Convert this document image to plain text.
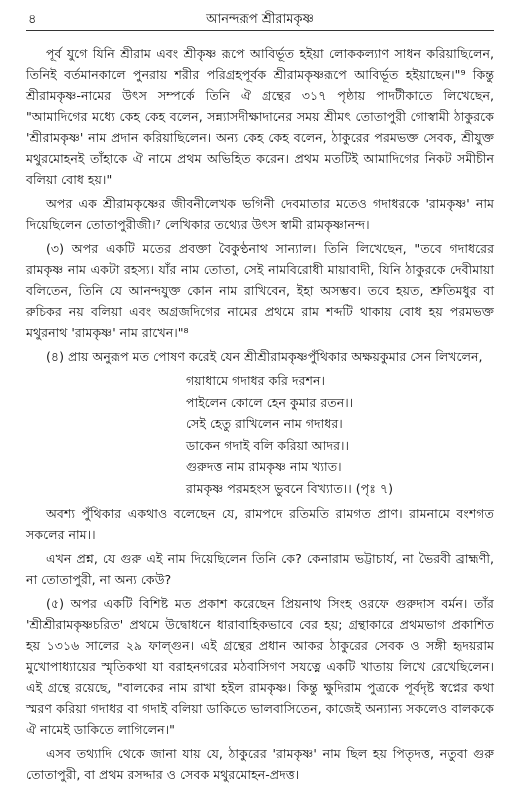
৪	আনন্দরূপ শ্রীরামকৃষ্ণ

পূর্ব যুগে যিনি শ্রীরাম এবং শ্রীকৃষ্ণ রূপে আবির্ভূত হইয়া লোককল্যাণ সাধন করিয়াছিলেন, তিনিই বর্তমানকালে পুনরায় শরীর পরিগ্রহপূর্বক শ্রীরামকৃষ্ণরূপে আবির্ভূত হইয়াছেন।"⁹ কিন্তু শ্রীরামকৃষ্ণ-নামের উৎস সম্পর্কে তিনি ঐ গ্রন্থের ৩১৭ পৃষ্ঠায় পাদটীকাতে লিখেছেন, "আমাদিগের মধ্যে কেহ কেহ বলেন, সন্ন্যাসদীক্ষাদানের সময় শ্রীমৎ তোতাপুরী গোস্বামী ঠাকুরকে 'শ্রীরামকৃষ্ণ' নাম প্রদান করিয়াছিলেন। অন্য কেহ কেহ বলেন, ঠাকুরের পরমভক্ত সেবক, শ্রীযুক্ত মথুরমোহনই তাঁহাকে ঐ নামে প্রথম অভিহিত করেন। প্রথম মতটিই আমাদিগের নিকট সমীচীন বলিয়া বোধ হয়।"

অপর এক শ্রীরামকৃষ্ণের জীবনীলেখক ভগিনী দেবমাতার মতেও গদাধরকে 'রামকৃষ্ণ' নাম দিয়েছিলেন তোতাপুরীজী।⁷ লেখিকার তথ্যের উৎস স্বামী রামকৃষ্ণানন্দ।

(৩) অপর একটি মতের প্রবক্তা বৈকুণ্ঠনাথ সান্যাল। তিনি লিখেছেন, "তবে গদাধরের রামকৃষ্ণ নাম একটা রহস্য। যাঁর নাম তোতা, সেই নামবিরোধী মায়াবাদী, যিনি ঠাকুরকে দেবীমায়া বলিতেন, তিনি যে আনন্দযুক্ত কোন নাম রাখিবেন, ইহা অসম্ভব। তবে হয়ত, শ্রুতিমধুর বা রুচিকর নয় বলিয়া এবং অগ্রজদিগের নামের প্রথমে রাম শব্দটি থাকায় বোধ হয় পরমভক্ত মথুরনাথ 'রামকৃষ্ণ' নাম রাখেন।"⁸

(৪) প্রায় অনুরূপ মত পোষণ করেই যেন শ্রীশ্রীরামকৃষ্ণপুঁথিকার অক্ষয়কুমার সেন লিখলেন,

গয়াধামে গদাধর করি দরশন।
পাইলেন কোলে হেন কুমার রতন।।
সেই হেতু রাখিলেন নাম গদাধর।
ডাকেন গদাই বলি করিয়া আদর।।
গুরুদত্ত নাম রামকৃষ্ণ নাম খ্যাত।
রামকৃষ্ণ পরমহংস ভুবনে বিখ্যাত।। (পৃঃ ৭)

অবশ্য পুঁথিকার একথাও বলেছেন যে, রামপদে রতিমতি রামগত প্রাণ। রামনামে বংশগত সকলের নাম।।

এখন প্রশ্ন, যে গুরু এই নাম দিয়েছিলেন তিনি কে? কেনারাম ভট্টাচার্য, না ভৈরবী ব্রাহ্মণী, না তোতাপুরী, না অন্য কেউ?

(৫) অপর একটি বিশিষ্ট মত প্রকাশ করেছেন প্রিয়নাথ সিংহ ওরফে গুরুদাস বর্মন। তাঁর 'শ্রীশ্রীরামকৃষ্ণচরিত' প্রথমে উদ্বোধনে ধারাবাহিকভাবে বের হয়; গ্রন্থাকারে প্রথমভাগ প্রকাশিত হয় ১৩১৬ সালের ২৯ ফাল্গুন। এই গ্রন্থের প্রধান আকর ঠাকুরের সেবক ও সঙ্গী হৃদয়রাম মুখোপাধ্যায়ের স্মৃতিকথা যা বরাহনগরের মঠবাসিগণ সযত্নে একটি খাতায় লিখে রেখেছিলেন। এই গ্রন্থে রয়েছে, "বালকের নাম রাখা হইল রামকৃষ্ণ। কিন্তু ক্ষুদিরাম পুত্রকে পূর্বদৃষ্ট স্বপ্নের কথা স্মরণ করিয়া গদাধর বা গদাই বলিয়া ডাকিতে ভালবাসিতেন, কাজেই অন্যান্য সকলেও বালককে ঐ নামেই ডাকিতে লাগিলেন।"

এসব তথ্যাদি থেকে জানা যায় যে, ঠাকুরের 'রামকৃষ্ণ' নাম ছিল হয় পিতৃদত্ত, নতুবা গুরু তোতাপুরী, বা প্রথম রসদ্দার ও সেবক মথুরমোহন-প্রদত্ত।
